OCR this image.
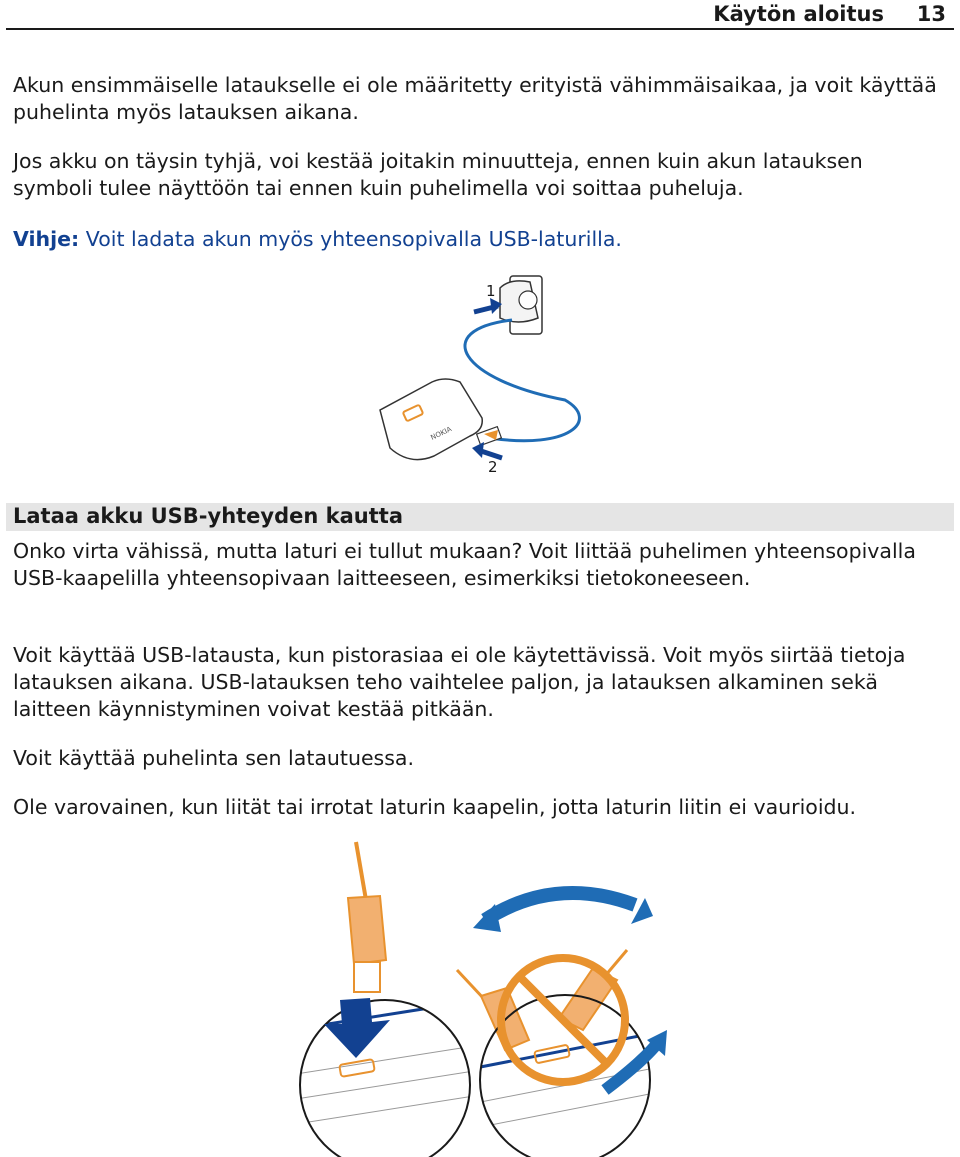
Käytön aloitus 13

Akun ensimmäiselle lataukselle ei ole määritetty erityistä vähimmäisaikaa, ja voit käyttää puhelinta myös latauksen aikana.

Jos akku on täysin tyhjä, voi kestää joitakin minuutteja, ennen kuin akun latauksen symboli tulee näyttöön tai ennen kuin puhelimella voi soittaa puheluja.

Vihje: Voit ladata akun myös yhteensopivalla USB-laturilla.

1
NOKIA
2
Lataa akku USB-yhteyden kautta

Onko virta vähissä, mutta laturi ei tullut mukaan? Voit liittää puhelimen yhteensopivalla USB-kaapelilla yhteensopivaan laitteeseen, esimerkiksi tietokoneeseen.

Voit käyttää USB-latausta, kun pistorasiaa ei ole käytettävissä. Voit myös siirtää tietoja latauksen aikana. USB-latauksen teho vaihtelee paljon, ja latauksen alkaminen sekä laitteen käynnistyminen voivat kestää pitkään.

Voit käyttää puhelinta sen latautuessa.

Ole varovainen, kun liität tai irrotat laturin kaapelin, jotta laturin liitin ei vaurioidu.
